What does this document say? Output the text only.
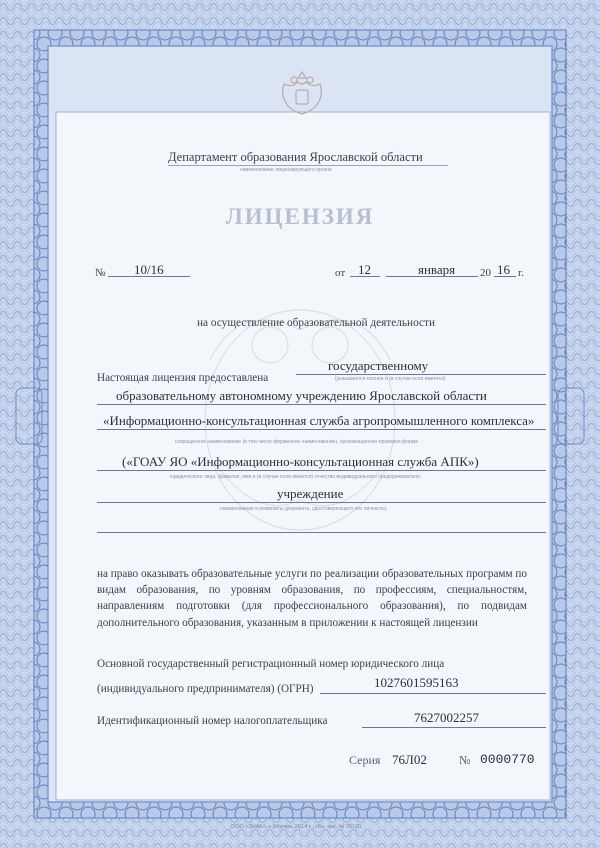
Департамент образования Ярославской области
наименование лицензирующего органа
ЛИЦЕНЗИЯ
№ 10/16	от 12	января 20 16 г.
на осуществление образовательной деятельности
Настоящая лицензия предоставлена
государственному
(указывается полное и (в случае если имеется)
образовательному автономному учреждению Ярославской области
«Информационно-консультационная служба агропромышленного комплекса»
сокращенное наименование (в том числе фирменное наименование), организационно-правовая форма
(«ГОАУ ЯО «Информационно-консультационная служба АПК»)
юридического лица, фамилия, имя и (в случае если имеется) отчество индивидуального предпринимателя,
учреждение
наименование и реквизиты документа, удостоверяющего его личность)
на право оказывать образовательные услуги по реализации образовательных программ по видам образования, по уровням образования, по профессиям, специальностям, направлениям подготовки (для профессионального образования), по подвидам дополнительного образования, указанным в приложении к настоящей лицензии
Основной государственный регистрационный номер юридического лица
(индивидуального предпринимателя) (ОГРН)	1027601595163
Идентификационный номер налогоплательщика	7627002257
Серия 76Л02	№ 0000770
ООО «ЗНАК», г. Москва, 2014 г., «Б», зак. № 20120.
